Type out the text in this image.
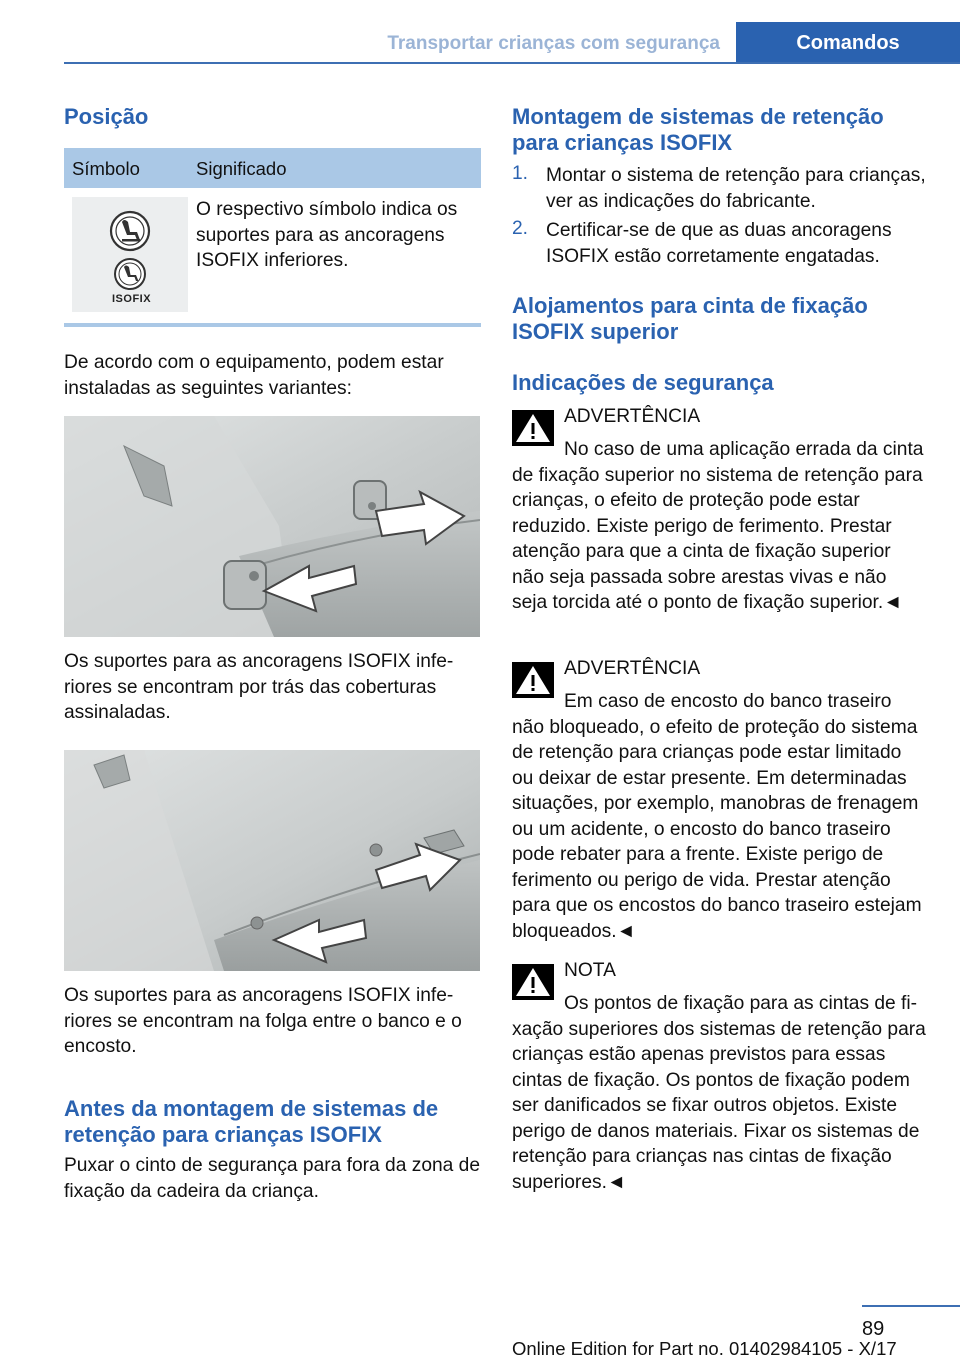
Transportar crianças com segurança	Comandos
Posição
Símbolo	Significado
ISOFIX

O respectivo símbolo indica os suportes para as ancoragens ISOFIX inferiores.

De acordo com o equipamento, podem estar instaladas as seguintes variantes:

Os suportes para as ancoragens ISOFIX inferiores se encontram por trás das coberturas assinaladas.

Os suportes para as ancoragens ISOFIX inferiores se encontram na folga entre o banco e o encosto.

Antes da montagem de sistemas de retenção para crianças ISOFIX

Puxar o cinto de segurança para fora da zona de fixação da cadeira da criança.

Montagem de sistemas de retenção para crianças ISOFIX
1. Montar o sistema de retenção para crianças, ver as indicações do fabricante.
2. Certificar-se de que as duas ancoragens ISOFIX estão corretamente engatadas.
Alojamentos para cinta de fixação ISOFIX superior
Indicações de segurança
ADVERTÊNCIA

No caso de uma aplicação errada da cinta de fixação superior no sistema de retenção para crianças, o efeito de proteção pode estar reduzido. Existe perigo de ferimento. Prestar atenção para que a cinta de fixação superior não seja passada sobre arestas vivas e não seja torcida até o ponto de fixação superior.◄

ADVERTÊNCIA

Em caso de encosto do banco traseiro não bloqueado, o efeito de proteção do sistema de retenção para crianças pode estar limitado ou deixar de estar presente. Em determinadas situações, por exemplo, manobras de frenagem ou um acidente, o encosto do banco traseiro pode rebater para a frente. Existe perigo de ferimento ou perigo de vida. Prestar atenção para que os encostos do banco traseiro estejam bloqueados.◄

NOTA

Os pontos de fixação para as cintas de fixação superiores dos sistemas de retenção para crianças estão apenas previstos para essas cintas de fixação. Os pontos de fixação podem ser danificados se fixar outros objetos. Existe perigo de danos materiais. Fixar os sistemas de retenção para crianças nas cintas de fixação superiores.◄

89
Online Edition for Part no. 01402984105 - X/17
